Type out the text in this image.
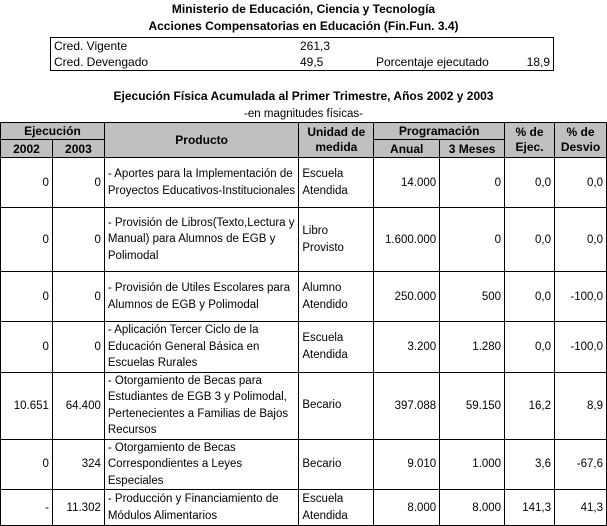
Ministerio de Educación, Ciencia y Tecnología
Acciones Compensatorias en Educación (Fin.Fun. 3.4)
Cred. Vigente	261,3
Cred. Devengado	49,5	Porcentaje ejecutado	18,9
Ejecución Física Acumulada al Primer Trimestre, Años 2002 y 2003
-en magnitudes físicas-
Ejecución		Producto	Unidad de medida	Programación		% de Ejec.	% de Desvio
2002	2003			Anual	3 Meses		
0	0	- Aportes para la Implementación de Proyectos Educativos-Institucionales	Escuela Atendida	14.000	0	0,0	0,0
0	0	- Provisión de Libros(Texto,Lectura y Manual) para Alumnos de EGB y Polimodal	Libro Provisto	1.600.000	0	0,0	0,0
0	0	- Provisión de Utiles Escolares para Alumnos de EGB y Polimodal	Alumno Atendido	250.000	500	0,0	-100,0
0	0	- Aplicación Tercer Ciclo de la Educación General Básica en Escuelas Rurales	Escuela Atendida	3.200	1.280	0,0	-100,0
10.651	64.400	- Otorgamiento de Becas para Estudiantes de EGB 3 y Polimodal, Pertenecientes a Familias de Bajos Recursos	Becario	397.088	59.150	16,2	8,9
0	324	- Otorgamiento de Becas Correspondientes a Leyes Especiales	Becario	9.010	1.000	3,6	-67,6
-	11.302	- Producción y Financiamiento de Módulos Alimentarios	Escuela Atendida	8.000	8.000	141,3	41,3
